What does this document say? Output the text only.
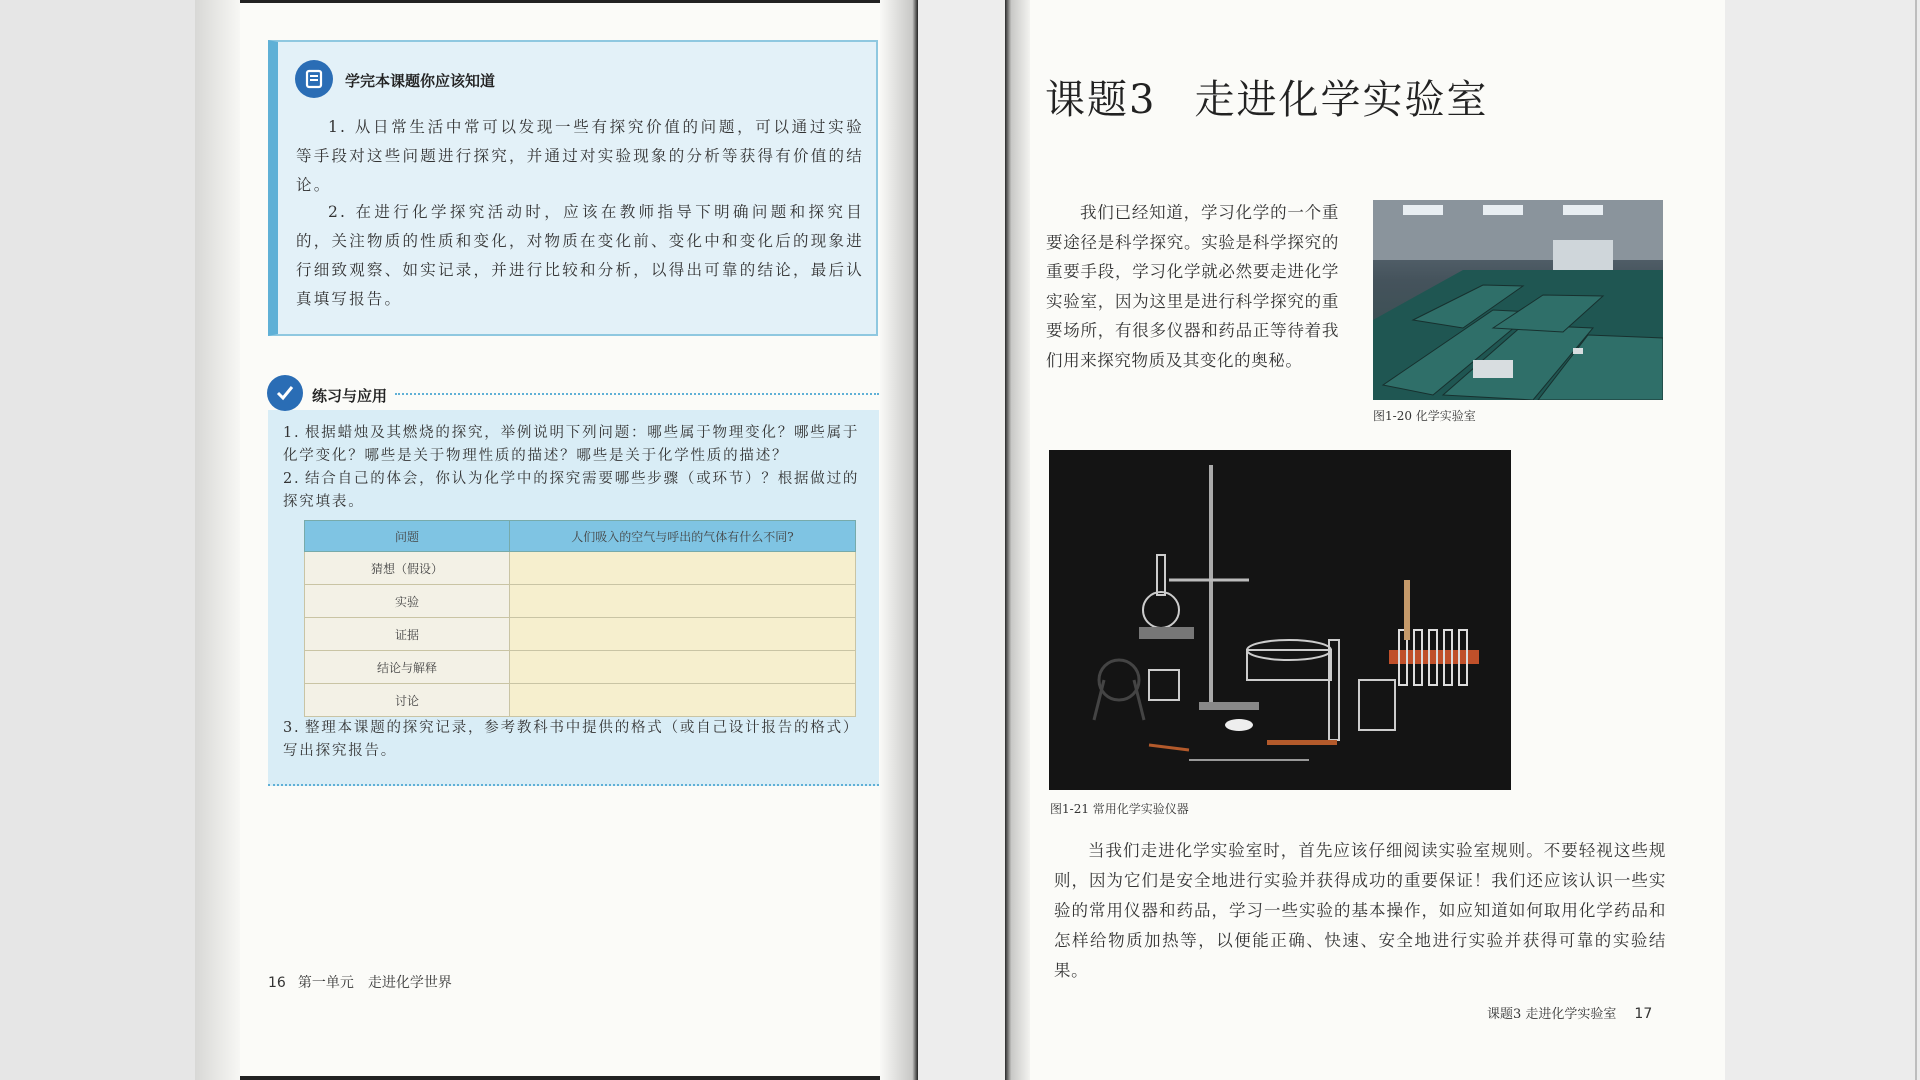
学完本课题你应该知道
1. 从日常生活中常可以发现一些有探究价值的问题，可以通过实验等手段对这些问题进行探究，并通过对实验现象的分析等获得有价值的结论。
2. 在进行化学探究活动时，应该在教师指导下明确问题和探究目的，关注物质的性质和变化，对物质在变化前、变化中和变化后的现象进行细致观察、如实记录，并进行比较和分析，以得出可靠的结论，最后认真填写报告。
练习与应用
1. 根据蜡烛及其燃烧的探究，举例说明下列问题：哪些属于物理变化？哪些属于化学变化？哪些是关于物理性质的描述？哪些是关于化学性质的描述？
2. 结合自己的体会，你认为化学中的探究需要哪些步骤（或环节）？根据做过的探究填表。
问题	人们吸入的空气与呼出的气体有什么不同?
猜想（假设）	
实验	
证据	
结论与解释	
讨论	
3. 整理本课题的探究记录，参考教科书中提供的格式（或自己设计报告的格式）写出探究报告。
16 第一单元　走进化学世界
课题3 走进化学实验室
我们已经知道，学习化学的一个重要途径是科学探究。实验是科学探究的重要手段，学习化学就必然要走进化学实验室，因为这里是进行科学探究的重要场所，有很多仪器和药品正等待着我们用来探究物质及其变化的奥秘。
图1-20 化学实验室
图1-21 常用化学实验仪器
当我们走进化学实验室时，首先应该仔细阅读实验室规则。不要轻视这些规则，因为它们是安全地进行实验并获得成功的重要保证！我们还应该认识一些实验的常用仪器和药品，学习一些实验的基本操作，如应知道如何取用化学药品和怎样给物质加热等，以便能正确、快速、安全地进行实验并获得可靠的实验结果。
课题3 走进化学实验室 17
